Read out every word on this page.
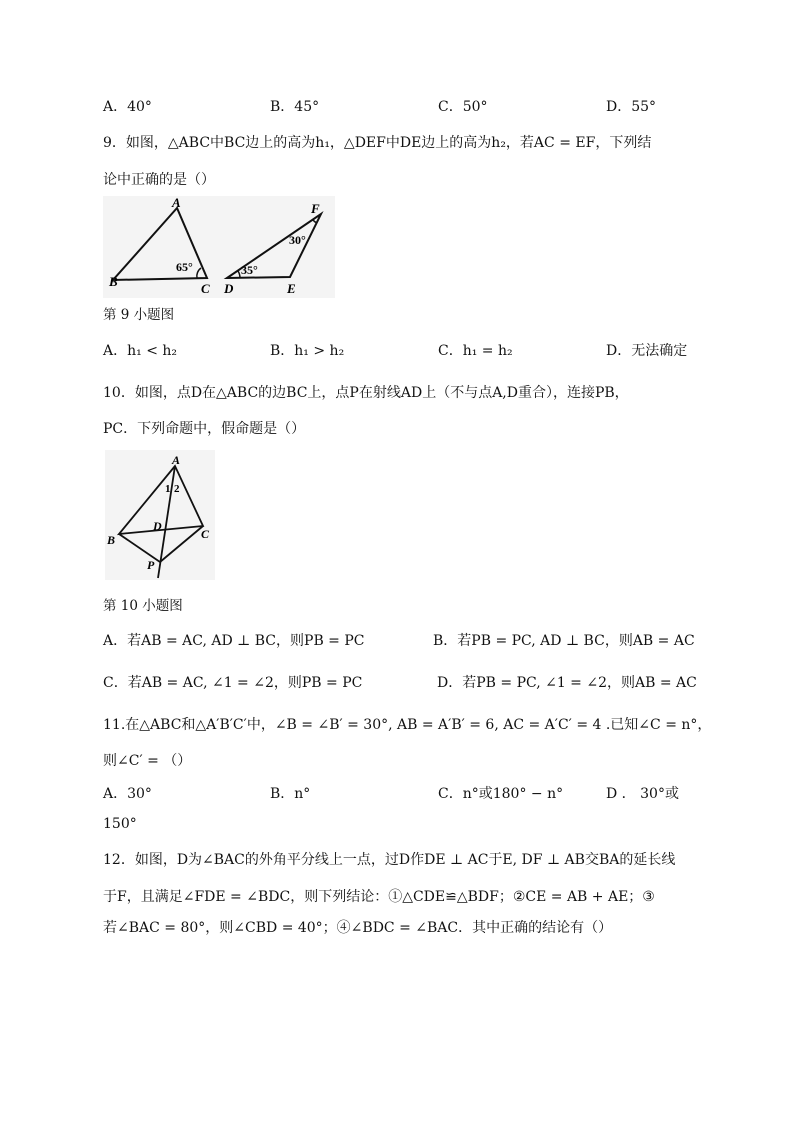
A．40°	B．45°	C．50°	D．55°
9．如图，△ABC中BC边上的高为h₁，△DEF中DE边上的高为h₂，若AC = EF，下列结
论中正确的是（）
A
B	C
65°
D	E
F
35°
30°
第 9 小题图
A．h₁ < h₂	B．h₁ > h₂	C．h₁ = h₂	D．无法确定
10．如图，点D在△ABC的边BC上，点P在射线AD上（不与点A,D重合），连接PB，
PC．下列命题中，假命题是（）
A
B	C
D
P
1 2
第 10 小题图
A．若AB = AC, AD ⊥ BC，则PB = PC	B．若PB = PC, AD ⊥ BC，则AB = AC
C．若AB = AC, ∠1 = ∠2，则PB = PC	D．若PB = PC, ∠1 = ∠2，则AB = AC
11.在△ABC和△A′B′C′中，∠B = ∠B′ = 30°, AB = A′B′ = 6, AC = A′C′ = 4 .已知∠C = n°，
则∠C′ = （）
A．30°	B．n°	C．n°或180° − n°	D ． 30°或
150°
12．如图，D为∠BAC的外角平分线上一点，过D作DE ⊥ AC于E, DF ⊥ AB交BA的延长线
于F，且满足∠FDE = ∠BDC，则下列结论：①△CDE≌△BDF；②CE = AB + AE；③
若∠BAC = 80°，则∠CBD = 40°；④∠BDC = ∠BAC．其中正确的结论有（）
